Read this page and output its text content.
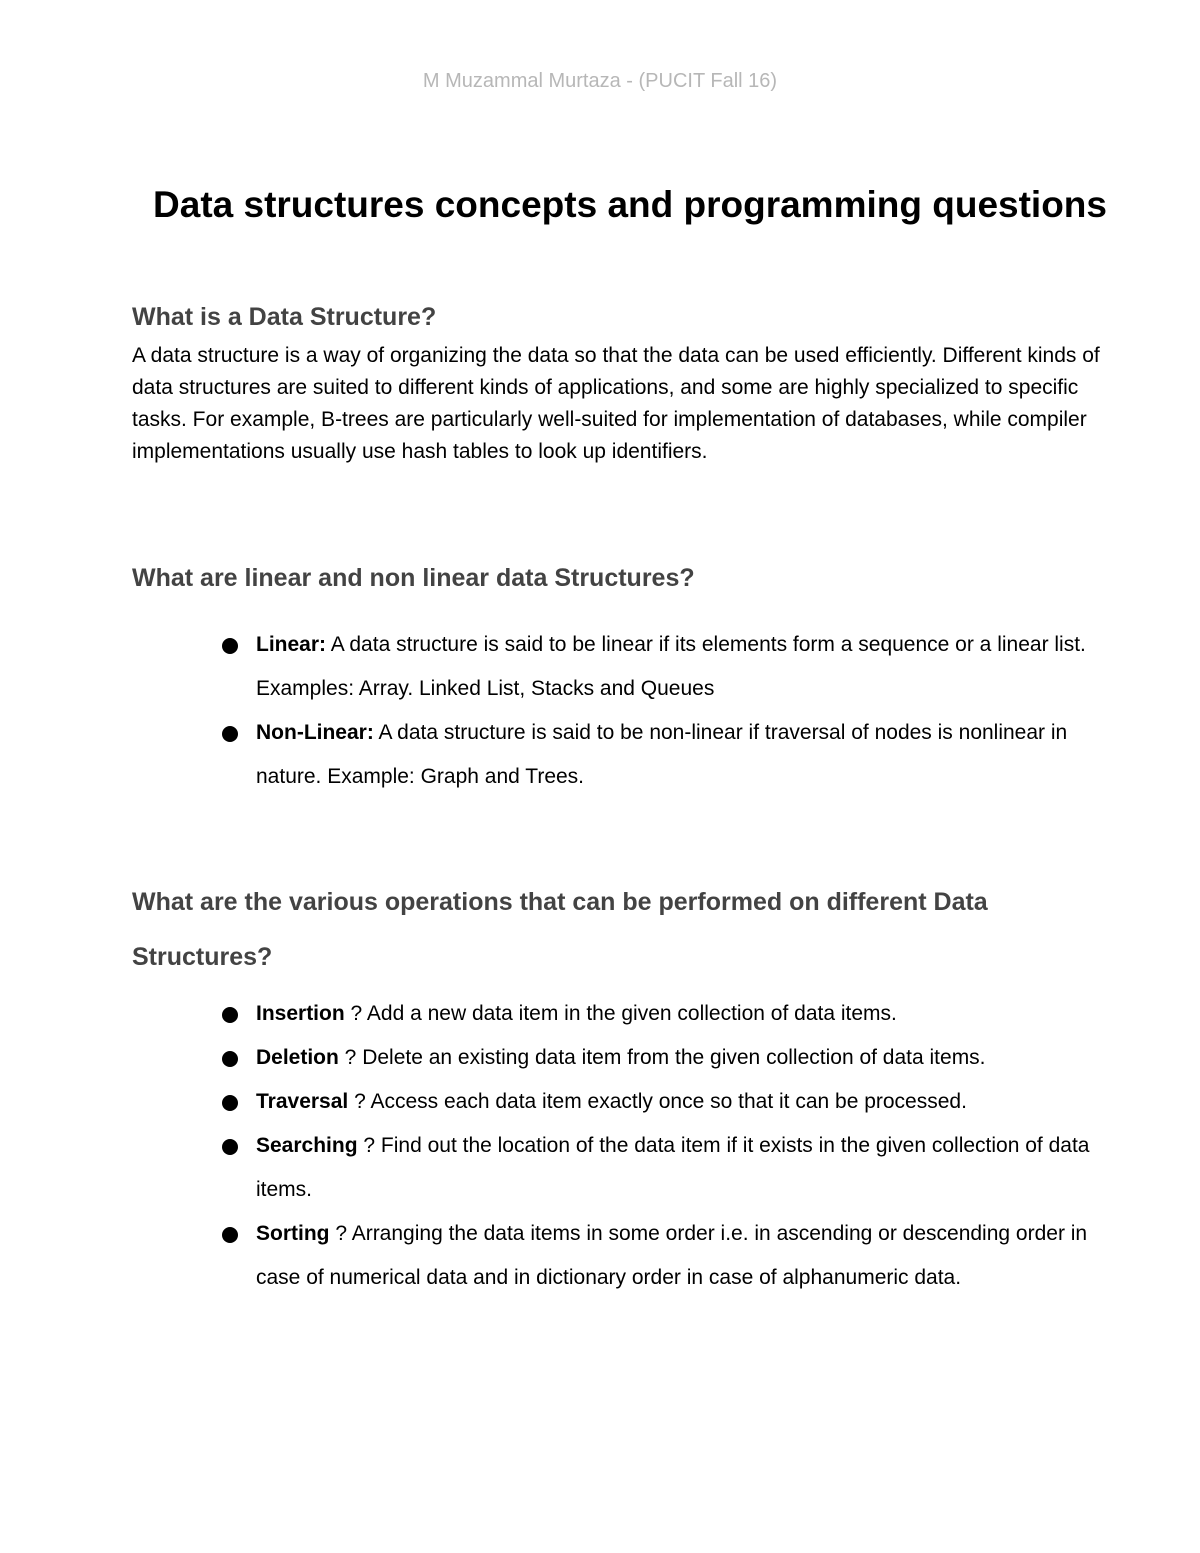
M Muzammal Murtaza - (PUCIT Fall 16)
Data structures concepts and programming questions
What is a Data Structure?

A data structure is a way of organizing the data so that the data can be used efficiently. Different kinds of data structures are suited to different kinds of applications, and some are highly specialized to specific tasks. For example, B-trees are particularly well-suited for implementation of databases, while compiler implementations usually use hash tables to look up identifiers.

What are linear and non linear data Structures?
Linear: A data structure is said to be linear if its elements form a sequence or a linear list. Examples: Array. Linked List, Stacks and Queues
Non-Linear: A data structure is said to be non-linear if traversal of nodes is nonlinear in nature. Example: Graph and Trees.
What are the various operations that can be performed on different Data Structures?
Insertion ? Add a new data item in the given collection of data items.
Deletion ? Delete an existing data item from the given collection of data items.
Traversal ? Access each data item exactly once so that it can be processed.
Searching ? Find out the location of the data item if it exists in the given collection of data items.
Sorting ? Arranging the data items in some order i.e. in ascending or descending order in case of numerical data and in dictionary order in case of alphanumeric data.
